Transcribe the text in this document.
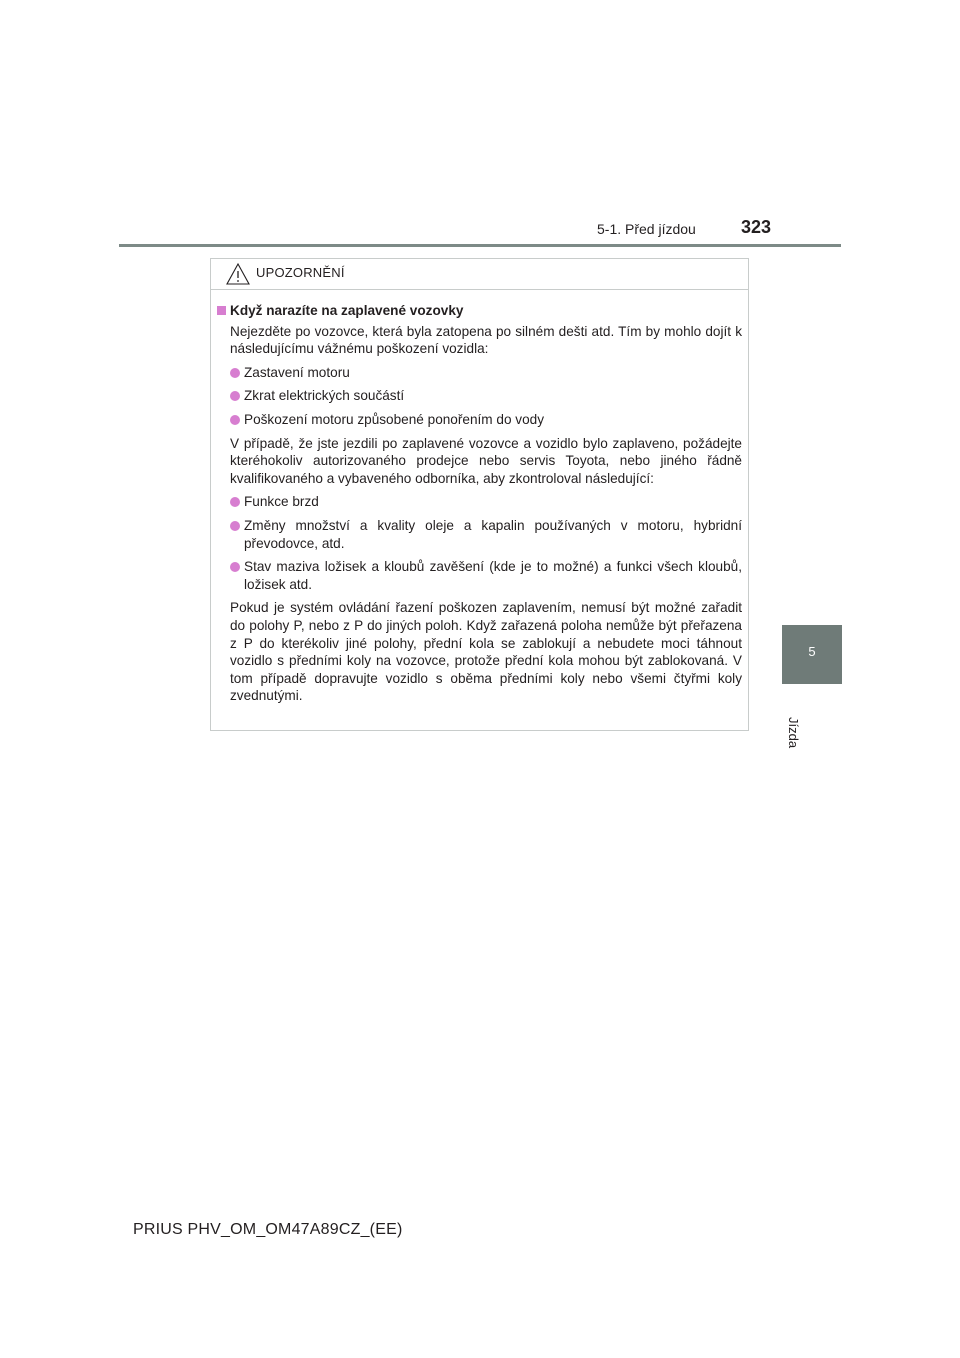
5-1. Před jízdou	323
5
Jízda
UPOZORNĚNÍ
Když narazíte na zaplavené vozovky

Nejezděte po vozovce, která byla zatopena po silném dešti atd. Tím by mohlo dojít k následujícímu vážnému poškození vozidla:

Zastavení motoru
Zkrat elektrických součástí
Poškození motoru způsobené ponořením do vody

V případě, že jste jezdili po zaplavené vozovce a vozidlo bylo zaplaveno, požádejte kteréhokoliv autorizovaného prodejce nebo servis Toyota, nebo jiného řádně kvalifikovaného a vybaveného odborníka, aby zkontroloval následující:

Funkce brzd
Změny množství a kvality oleje a kapalin používaných v motoru, hybridní převodovce, atd.
Stav maziva ložisek a kloubů zavěšení (kde je to možné) a funkci všech kloubů, ložisek atd.

Pokud je systém ovládání řazení poškozen zaplavením, nemusí být možné zařadit do polohy P, nebo z P do jiných poloh. Když zařazená poloha nemůže být přeřazena z P do kterékoliv jiné polohy, přední kola se zablokují a nebudete moci táhnout vozidlo s předními koly na vozovce, protože přední kola mohou být zablokovaná. V tom případě dopravujte vozidlo s oběma předními koly nebo všemi čtyřmi koly zvednutými.

PRIUS PHV_OM_OM47A89CZ_(EE)
